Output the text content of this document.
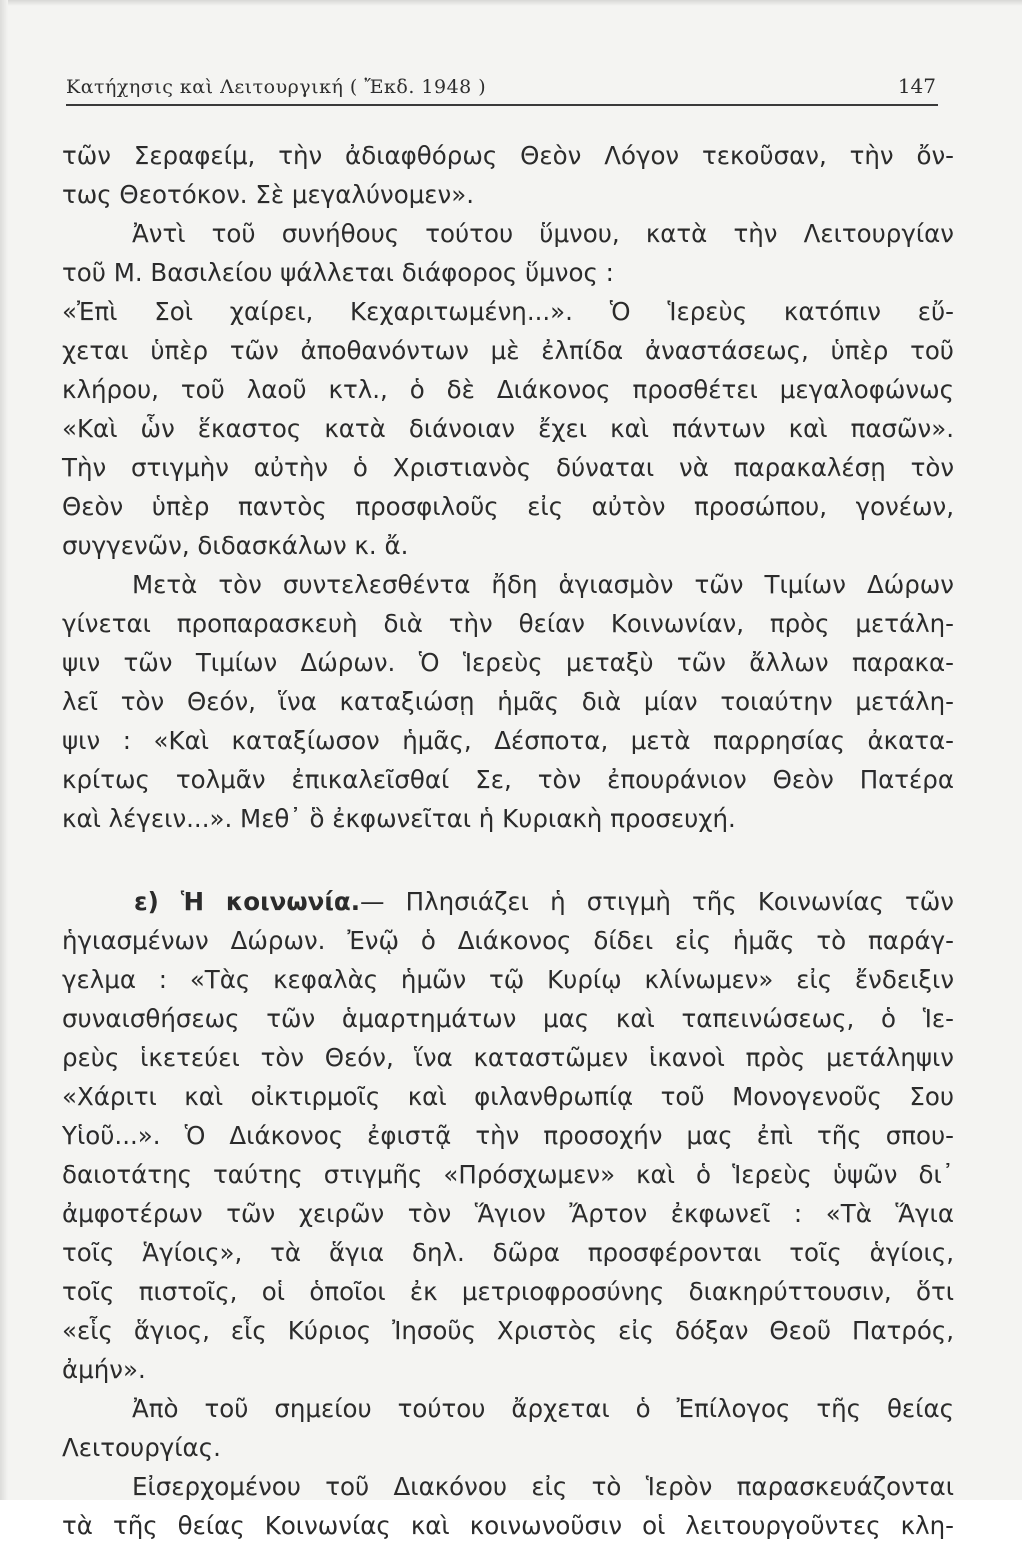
Κατήχησις καὶ Λειτουργική ( Ἔκδ. 1948 )	147
τῶν Σεραφείμ, τὴν ἀδιαφθόρως Θεὸν Λόγον τεκοῦσαν, τὴν ὄν-
τως Θεοτόκον. Σὲ μεγαλύνομεν».
Ἀντὶ τοῦ συνήθους τούτου ὕμνου, κατὰ τὴν Λειτουργίαν
τοῦ Μ. Βασιλείου ψάλλεται διάφορος ὕμνος :
«Ἐπὶ Σοὶ χαίρει, Κεχαριτωμένη...». Ὁ Ἱερεὺς κατόπιν εὔ-
χεται ὑπὲρ τῶν ἀποθανόντων μὲ ἐλπίδα ἀναστάσεως, ὑπὲρ τοῦ
κλήρου, τοῦ λαοῦ κτλ., ὁ δὲ Διάκονος προσθέτει μεγαλοφώνως
«Καὶ ὧν ἕκαστος κατὰ διάνοιαν ἔχει καὶ πάντων καὶ πασῶν».
Τὴν στιγμὴν αὐτὴν ὁ Χριστιανὸς δύναται νὰ παρακαλέσῃ τὸν
Θεὸν ὑπὲρ παντὸς προσφιλοῦς εἰς αὐτὸν προσώπου, γονέων,
συγγενῶν, διδασκάλων κ. ἄ.
Μετὰ τὸν συντελεσθέντα ἤδη ἁγιασμὸν τῶν Τιμίων Δώρων
γίνεται προπαρασκευὴ διὰ τὴν θείαν Κοινωνίαν, πρὸς μετάλη-
ψιν τῶν Τιμίων Δώρων. Ὁ Ἱερεὺς μεταξὺ τῶν ἄλλων παρακα-
λεῖ τὸν Θεόν, ἵνα καταξιώσῃ ἡμᾶς διὰ μίαν τοιαύτην μετάλη-
ψιν : «Καὶ καταξίωσον ἡμᾶς, Δέσποτα, μετὰ παρρησίας ἀκατα-
κρίτως τολμᾶν ἐπικαλεῖσθαί Σε, τὸν ἐπουράνιον Θεὸν Πατέρα
καὶ λέγειν...». Μεθ᾽ ὃ ἐκφωνεῖται ἡ Κυριακὴ προσευχή.
ε) Ἡ κοινωνία.— Πλησιάζει ἡ στιγμὴ τῆς Κοινωνίας τῶν
ἡγιασμένων Δώρων. Ἐνῷ ὁ Διάκονος δίδει εἰς ἡμᾶς τὸ παράγ-
γελμα : «Τὰς κεφαλὰς ἡμῶν τῷ Κυρίῳ κλίνωμεν» εἰς ἔνδειξιν
συναισθήσεως τῶν ἁμαρτημάτων μας καὶ ταπεινώσεως, ὁ Ἱε-
ρεὺς ἱκετεύει τὸν Θεόν, ἵνα καταστῶμεν ἱκανοὶ πρὸς μετάληψιν
«Χάριτι καὶ οἰκτιρμοῖς καὶ φιλανθρωπίᾳ τοῦ Μονογενοῦς Σου
Υἱοῦ...». Ὁ Διάκονος ἐφιστᾷ τὴν προσοχήν μας ἐπὶ τῆς σπου-
δαιοτάτης ταύτης στιγμῆς «Πρόσχωμεν» καὶ ὁ Ἱερεὺς ὑψῶν δι᾽
ἀμφοτέρων τῶν χειρῶν τὸν Ἅγιον Ἄρτον ἐκφωνεῖ : «Τὰ Ἅγια
τοῖς Ἁγίοις», τὰ ἅγια δηλ. δῶρα προσφέρονται τοῖς ἁγίοις,
τοῖς πιστοῖς, οἱ ὁποῖοι ἐκ μετριοφροσύνης διακηρύττουσιν, ὅτι
«εἷς ἅγιος, εἷς Κύριος Ἰησοῦς Χριστὸς εἰς δόξαν Θεοῦ Πατρός,
ἀμήν».
Ἀπὸ τοῦ σημείου τούτου ἄρχεται ὁ Ἐπίλογος τῆς θείας
Λειτουργίας.
Εἰσερχομένου τοῦ Διακόνου εἰς τὸ Ἱερὸν παρασκευάζονται
τὰ τῆς θείας Κοινωνίας καὶ κοινωνοῦσιν οἱ λειτουργοῦντες κλη-
